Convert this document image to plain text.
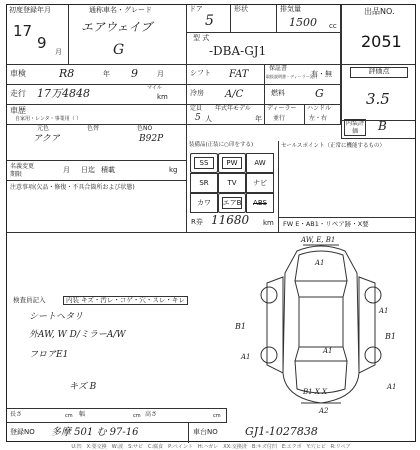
初度登録年月
17
9 月
通称車名・グレード
エアウェイブ
G
ドア
5
形状	排気量
1500 cc
出品NO.
2051
型 式
-DBA-GJ1
車検	R8	年 9	月	シフト FAT
保証書
取扱説明書・ディーラー発行
有・無	評価点
3.5
走行 17万4848	マイル
km	冷房 A/C	燃料	G
車歴
自家用・レンタ・事業用（ ）
定員
5 人
年式年モデル
年
ディーラー
並行
ハンドル
左・右
内装評価	B
元色
アクア
色替	色NO
B92P
装備品(正装に○印をする)
SS	PW	AW
SR	TV	ナビ
カワ	エアB	ABS
R券 11680 km
セールスポイント（正常に機能するもの）
FW E・AB1・リペア跡・X要
名義変更期限
月 日迄 積載	kg
注意事項(欠品・修復・不具合箇所および状態)
検査員記入	内装 キズ・汚レ・コゲ・穴・スレ・キレ
シートヘタリ
外AW, W D/ミラーA/W
フロアE1
キズ B
AW, E, B1
A1
B1
A1
A1
B1
A1
B1 X X
A1
A2
長さ	cm 幅	cm 高さ	cm
登録NO 多摩 501 む 97-16	車台NO GJ1-1027838
U:凹　X:要交換　W:波　S:サビ　C:腐食　P:ペイント　H:ハガレ　XX:交換済　B:キズ付凹　E:エクボ　Y:穴ヒビ　R:リペア
